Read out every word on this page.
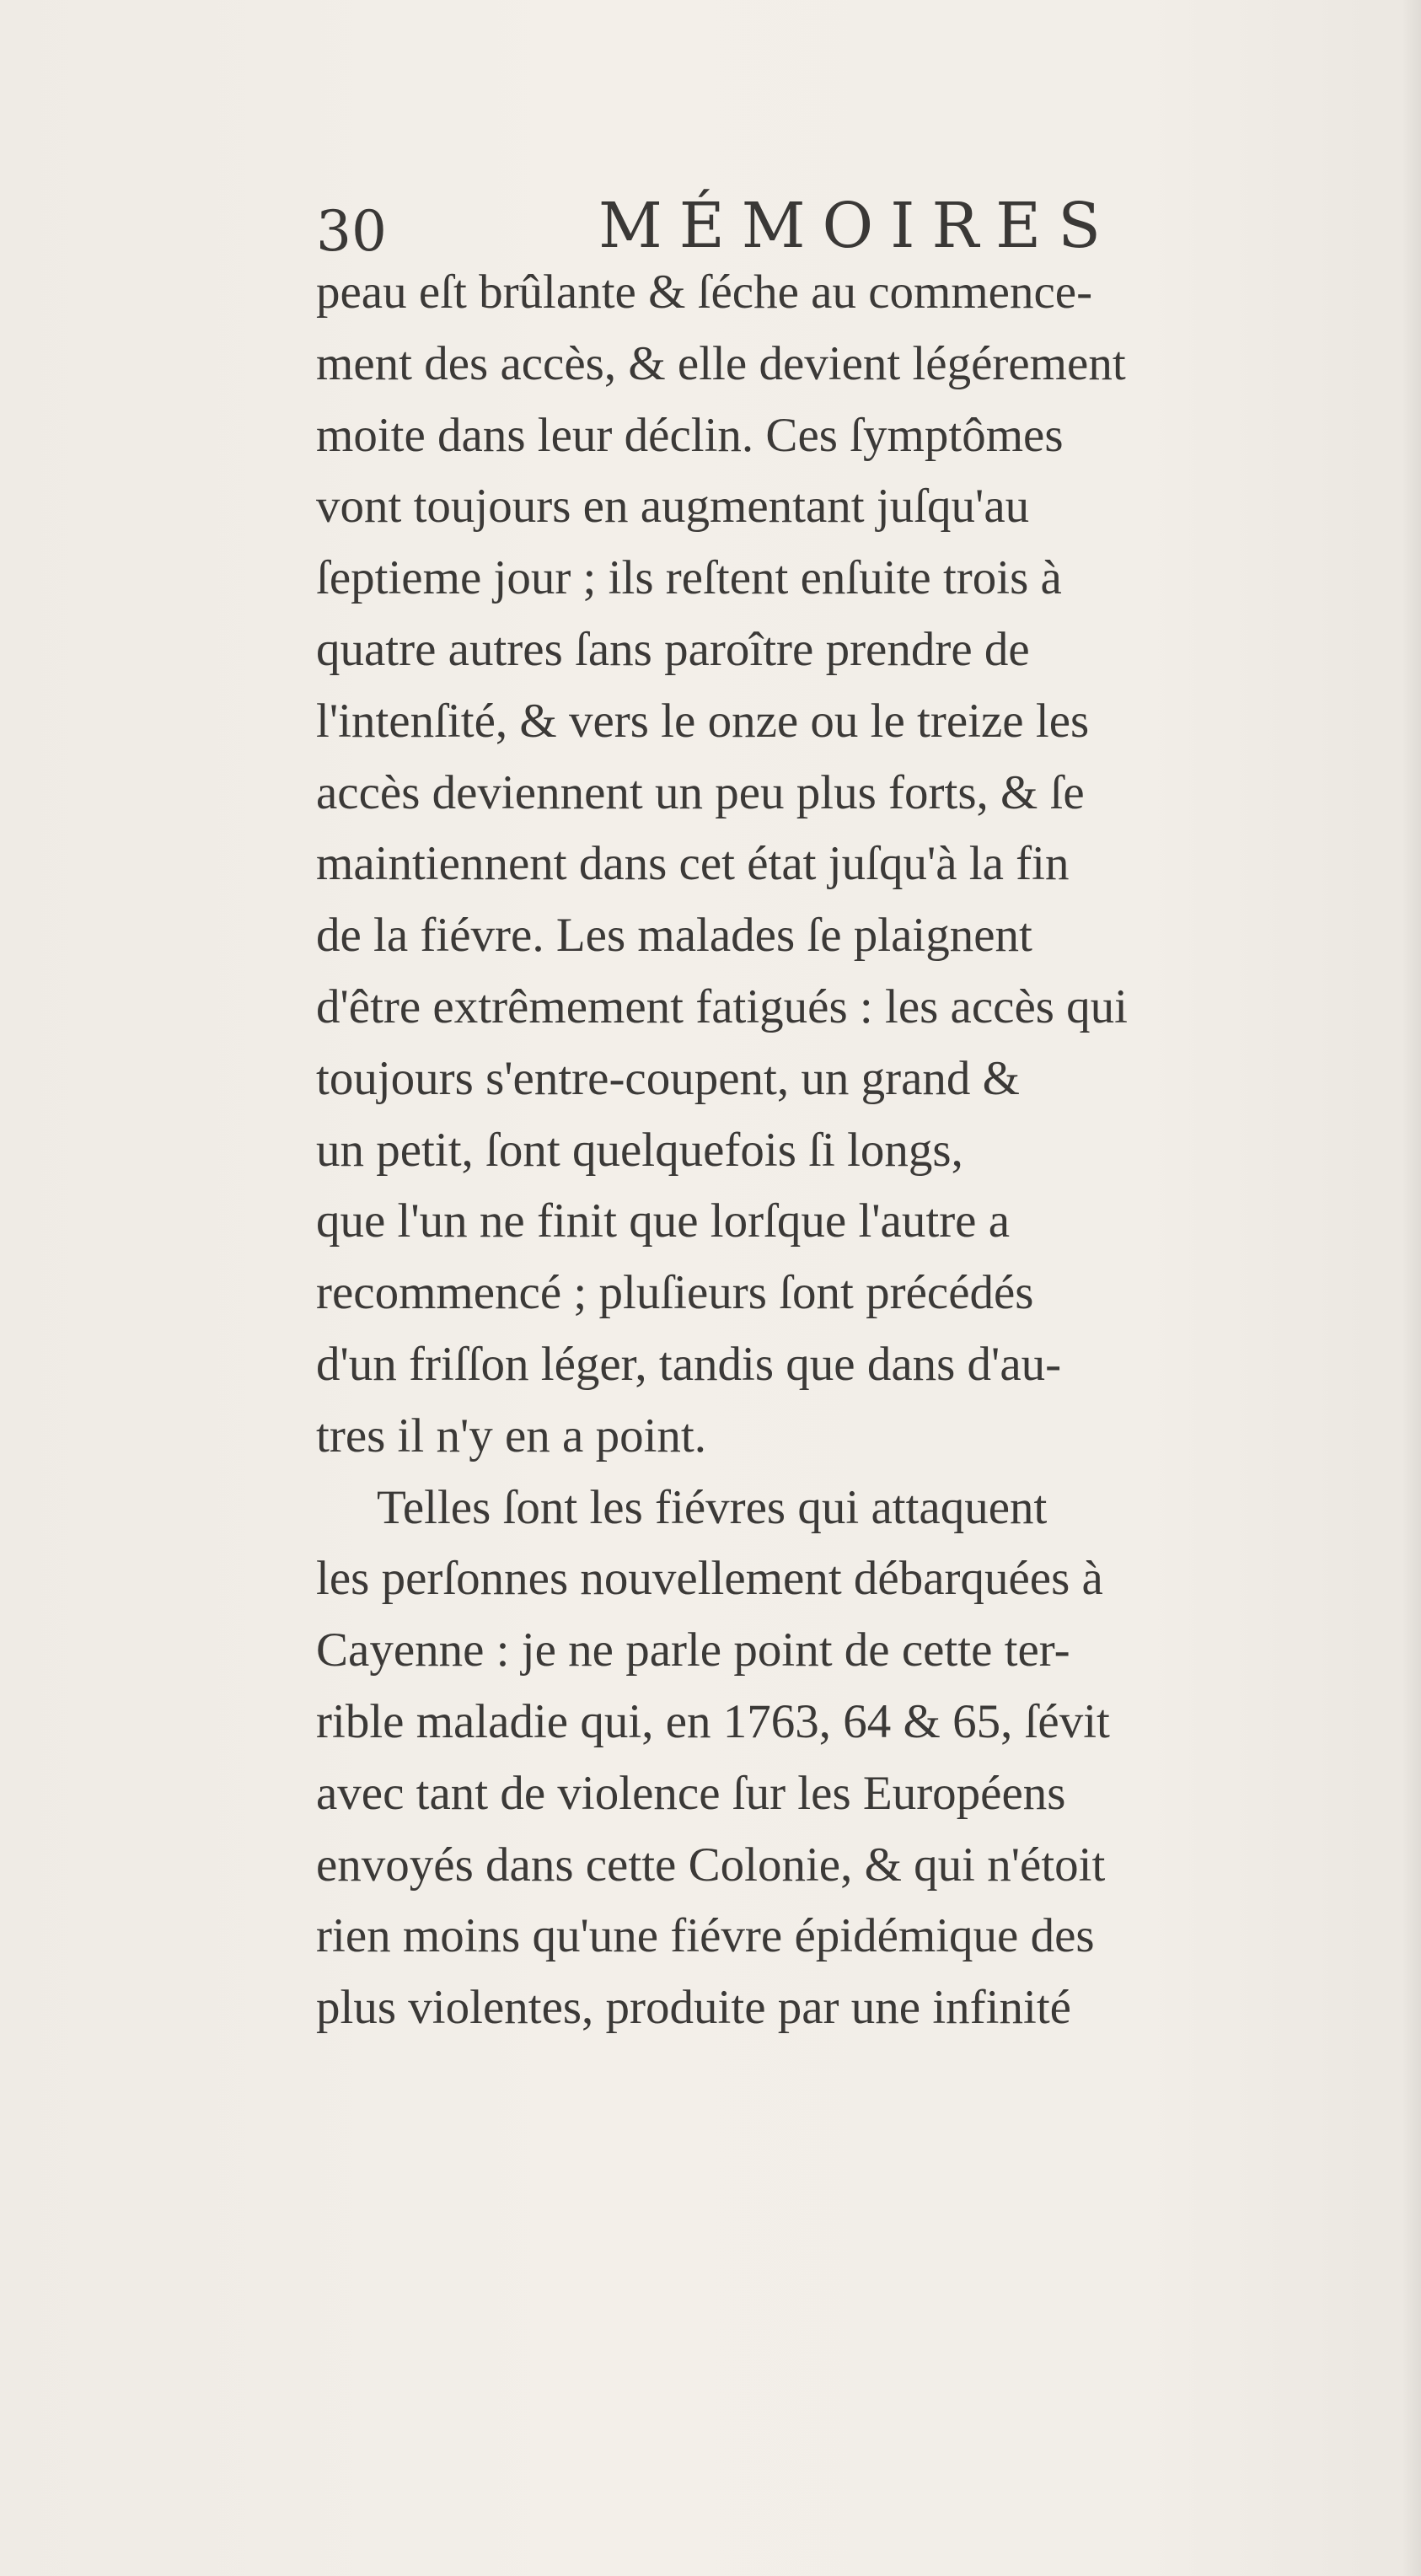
30	MÉMOIRES
peau eſt brûlante & ſéche au commence-
ment des accès, & elle devient légérement
moite dans leur déclin. Ces ſymptômes
vont toujours en augmentant juſqu'au
ſeptieme jour ; ils reſtent enſuite trois à
quatre autres ſans paroître prendre de
l'intenſité, & vers le onze ou le treize les
accès deviennent un peu plus forts, & ſe
maintiennent dans cet état juſqu'à la fin
de la fiévre. Les malades ſe plaignent
d'être extrêmement fatigués : les accès qui
toujours s'entre-coupent, un grand &
un petit, ſont quelquefois ſi longs,
que l'un ne finit que lorſque l'autre a
recommencé ; pluſieurs ſont précédés
d'un friſſon léger, tandis que dans d'au-
tres il n'y en a point.
Telles ſont les fiévres qui attaquent
les perſonnes nouvellement débarquées à
Cayenne : je ne parle point de cette ter-
rible maladie qui, en 1763, 64 & 65, ſévit
avec tant de violence ſur les Européens
envoyés dans cette Colonie, & qui n'étoit
rien moins qu'une fiévre épidémique des
plus violentes, produite par une infinité
